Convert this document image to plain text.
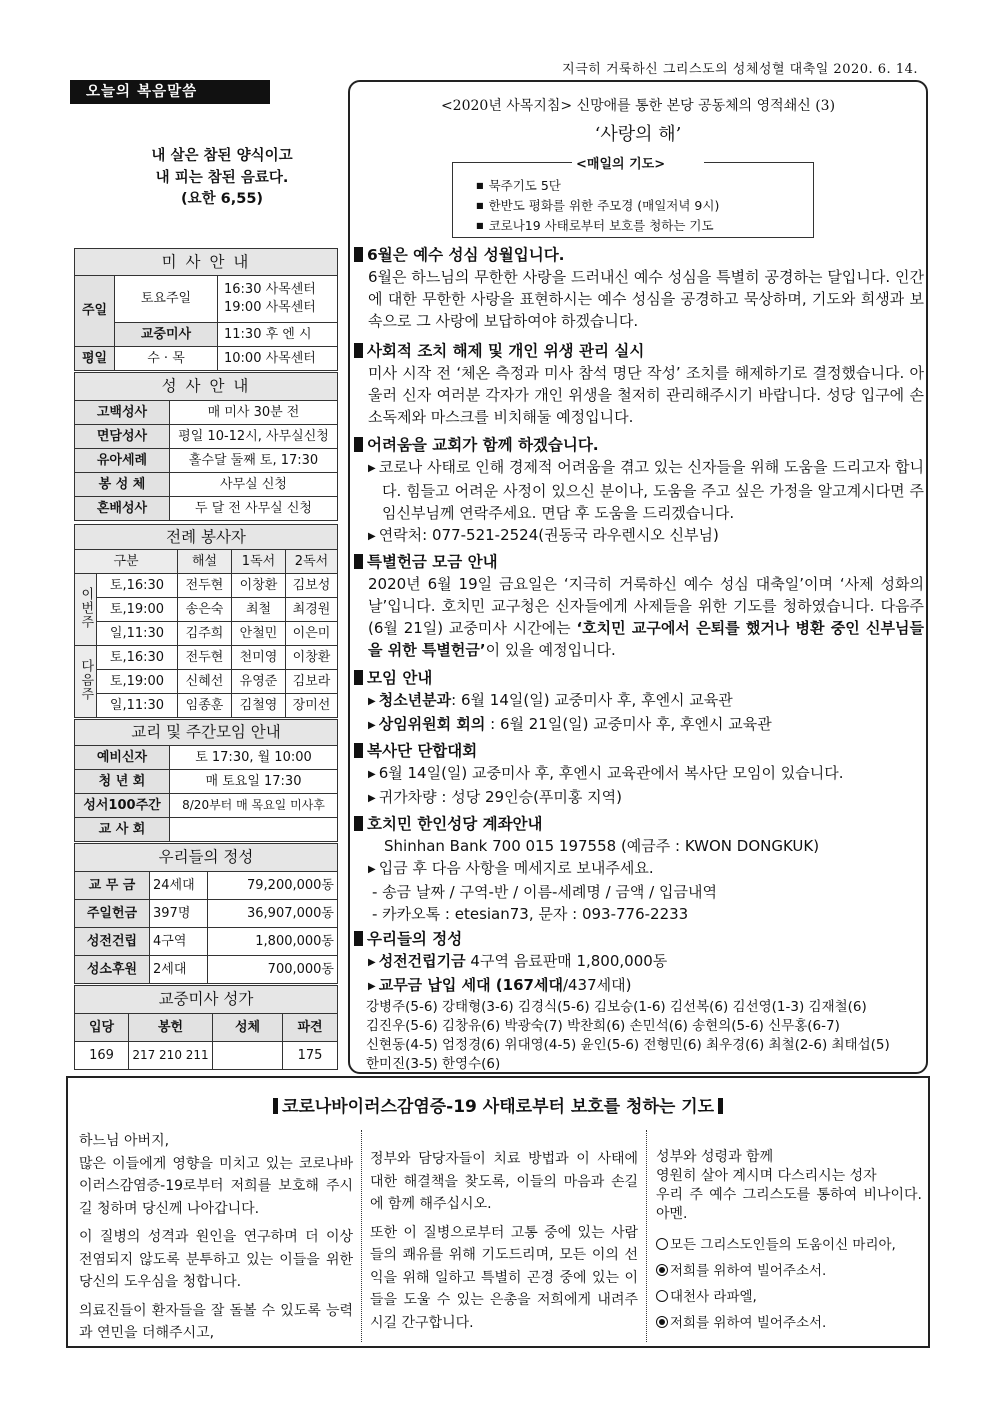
지극히 거룩하신 그리스도의 성체성혈 대축일 2020. 6. 14.
오늘의 복음말씀
내 살은 참된 양식이고
내 피는 참된 음료다.
(요한 6,55)
미 사 안 내		
주일	토요주일	16:30 사목센터
19:00 사목센터

	교중미사	11:30 후 엔 시
평일	수 · 목	10:00 사목센터
성 사 안 내	
고백성사	매 미사 30분 전
면담성사	평일 10-12시, 사무실신청
유아세례	홀수달 둘째 토, 17:30
봉 성 체	사무실 신청
혼배성사	두 달 전 사무실 신청
전례 봉사자				
구분		해설	1독서	2독서
이번주	토,16:30	전두현	이창환	김보성
	토,19:00	송은숙	최철	최경원
	일,11:30	김주희	안철민	이은미
다음주	토,16:30	전두현	천미영	이창환
	토,19:00	신혜선	유영준	김보라
	일,11:30	임종훈	김철영	장미선
교리 및 주간모임 안내	
예비신자	토 17:30, 월 10:00
청 년 회	매 토요일 17:30
성서100주간	8/20부터 매 목요일 미사후
교 사 회	
우리들의 정성		
교 무 금	24세대	79,200,000동
주일헌금	397명	36,907,000동
성전건립	4구역	1,800,000동
성소후원	2세대	700,000동
교중미사 성가			
입당	봉헌	성체	파견
169	217 210 211		175
<2020년 사목지침> 신망애를 통한 본당 공동체의 영적쇄신 (3)
‘사랑의 해’
<매일의 기도>
■ 묵주기도 5단
■ 한반도 평화를 위한 주모경 (매일저녁 9시)
■ 코로나19 사태로부터 보호를 청하는 기도
6월은 예수 성심 성월입니다.
6월은 하느님의 무한한 사랑을 드러내신 예수 성심을 특별히 공경하는 달입니다. 인간에 대한 무한한 사랑을 표현하시는 예수 성심을 공경하고 묵상하며, 기도와 희생과 보속으로 그 사랑에 보답하여야 하겠습니다.
사회적 조치 해제 및 개인 위생 관리 실시
미사 시작 전 ‘체온 측정과 미사 참석 명단 작성’ 조치를 해제하기로 결정했습니다. 아울러 신자 여러분 각자가 개인 위생을 철저히 관리해주시기 바랍니다. 성당 입구에 손소독제와 마스크를 비치해둘 예정입니다.
어려움을 교회가 함께 하겠습니다.
▶ 코로나 사태로 인해 경제적 어려움을 겪고 있는 신자들을 위해 도움을 드리고자 합니다. 힘들고 어려운 사정이 있으신 분이나, 도움을 주고 싶은 가정을 알고계시다면 주임신부님께 연락주세요. 면담 후 도움을 드리겠습니다.
▶ 연락처: 077-521-2524(권동국 라우렌시오 신부님)
특별헌금 모금 안내
2020년 6월 19일 금요일은 ‘지극히 거룩하신 예수 성심 대축일’이며 ‘사제 성화의 날’입니다. 호치민 교구청은 신자들에게 사제들을 위한 기도를 청하였습니다. 다음주(6월 21일) 교중미사 시간에는 ‘호치민 교구에서 은퇴를 했거나 병환 중인 신부님들을 위한 특별헌금’이 있을 예정입니다.
모임 안내
▶ 청소년분과: 6월 14일(일) 교중미사 후, 후엔시 교육관
▶ 상임위원회 회의 : 6월 21일(일) 교중미사 후, 후엔시 교육관
복사단 단합대회
▶ 6월 14일(일) 교중미사 후, 후엔시 교육관에서 복사단 모임이 있습니다.
▶ 귀가차량 : 성당 29인승(푸미홍 지역)
호치민 한인성당 계좌안내
Shinhan Bank 700 015 197558 (예금주 : KWON DONGKUK)
▶ 입금 후 다음 사항을 메세지로 보내주세요.
- 송금 날짜 / 구역-반 / 이름-세례명 / 금액 / 입금내역
- 카카오톡 : etesian73, 문자 : 093-776-2233
우리들의 정성
▶ 성전건립기금 4구역 음료판매 1,800,000동
▶ 교무금 납입 세대 (167세대/437세대)
강병주(5-6) 강태형(3-6) 김경식(5-6) 김보승(1-6) 김선복(6) 김선영(1-3) 김재철(6)
김진우(5-6) 김창유(6) 박광숙(7) 박찬희(6) 손민석(6) 송현의(5-6) 신무홍(6-7)
신현동(4-5) 엄정경(6) 위대영(4-5) 윤인(5-6) 전형민(6) 최우경(6) 최철(2-6) 최태섭(5)
한미진(3-5) 한영수(6)
코로나바이러스감염증-19 사태로부터 보호를 청하는 기도

하느님 아버지,
많은 이들에게 영향을 미치고 있는 코로나바이러스감염증-19로부터 저희를 보호해 주시길 청하며 당신께 나아갑니다.

이 질병의 성격과 원인을 연구하며 더 이상 전염되지 않도록 분투하고 있는 이들을 위한 당신의 도우심을 청합니다.

의료진들이 환자들을 잘 돌볼 수 있도록 능력과 연민을 더해주시고,

정부와 담당자들이 치료 방법과 이 사태에 대한 해결책을 찾도록, 이들의 마음과 손길에 함께 해주십시오.

또한 이 질병으로부터 고통 중에 있는 사람들의 쾌유를 위해 기도드리며, 모든 이의 선익을 위해 일하고 특별히 곤경 중에 있는 이들을 도울 수 있는 은총을 저희에게 내려주시길 간구합니다.

성부와 성령과 함께
영원히 살아 계시며 다스리시는 성자
우리 주 예수 그리스도를 통하여 비나이다. 아멘.

모든 그리스도인들의 도움이신 마리아,
저희를 위하여 빌어주소서.
대천사 라파엘,
저희를 위하여 빌어주소서.
